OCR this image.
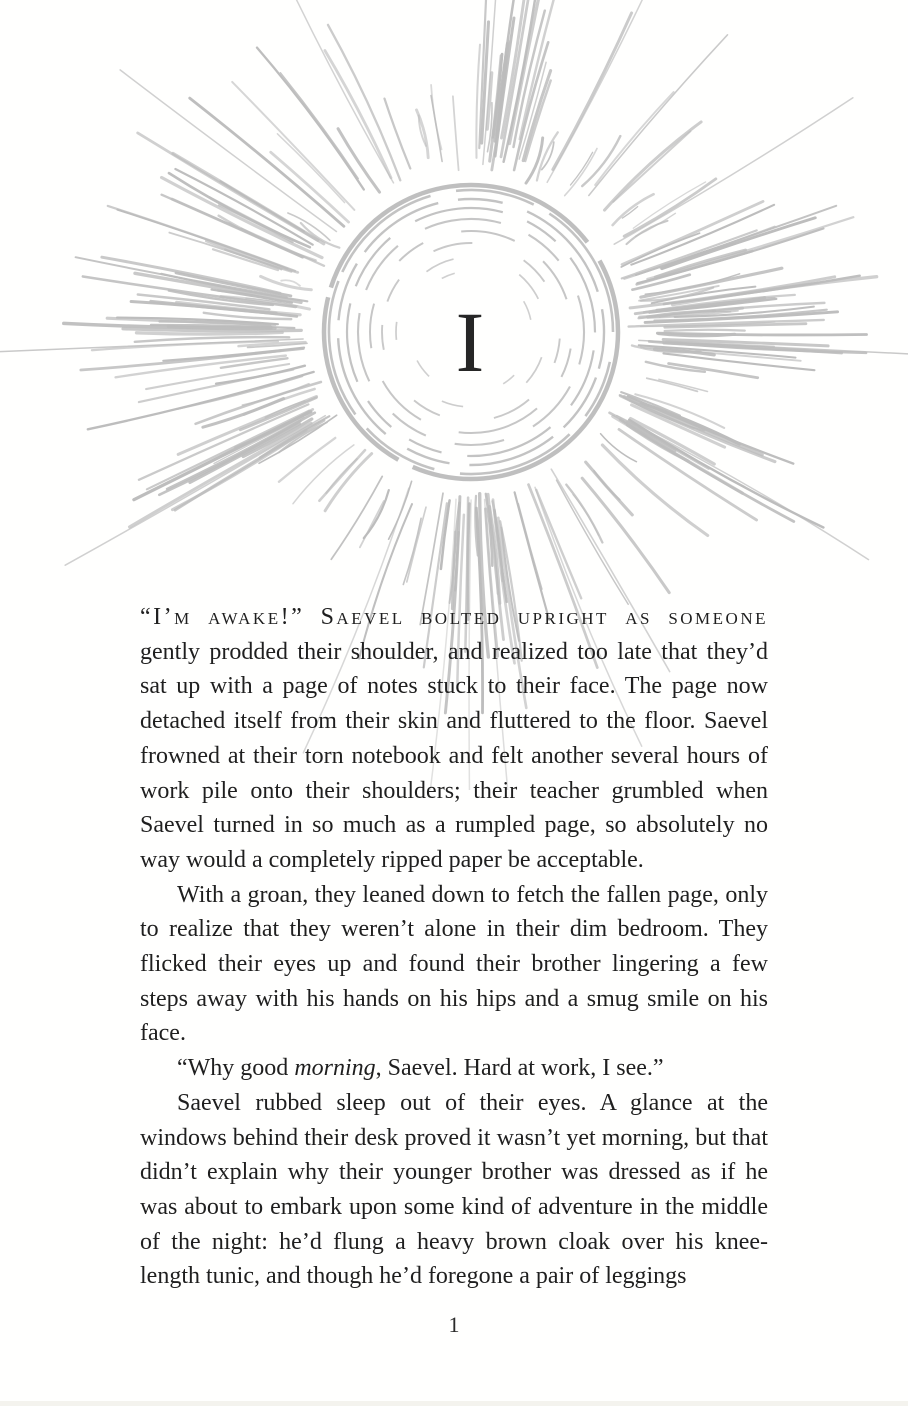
I

“I’m awake!” Saevel bolted upright as someone gently prodded their shoulder, and realized too late that they’d sat up with a page of notes stuck to their face. The page now detached itself from their skin and fluttered to the floor. Saevel frowned at their torn notebook and felt another several hours of work pile onto their shoulders; their teacher grumbled when Saevel turned in so much as a rumpled page, so absolutely no way would a completely ripped paper be acceptable.

With a groan, they leaned down to fetch the fallen page, only to realize that they weren’t alone in their dim bedroom. They flicked their eyes up and found their brother lingering a few steps away with his hands on his hips and a smug smile on his face.

“Why good morning, Saevel. Hard at work, I see.”

Saevel rubbed sleep out of their eyes. A glance at the windows behind their desk proved it wasn’t yet morning, but that didn’t explain why their younger brother was dressed as if he was about to embark upon some kind of adventure in the middle of the night: he’d flung a heavy brown cloak over his knee-length tunic, and though he’d foregone a pair of leggings

1
